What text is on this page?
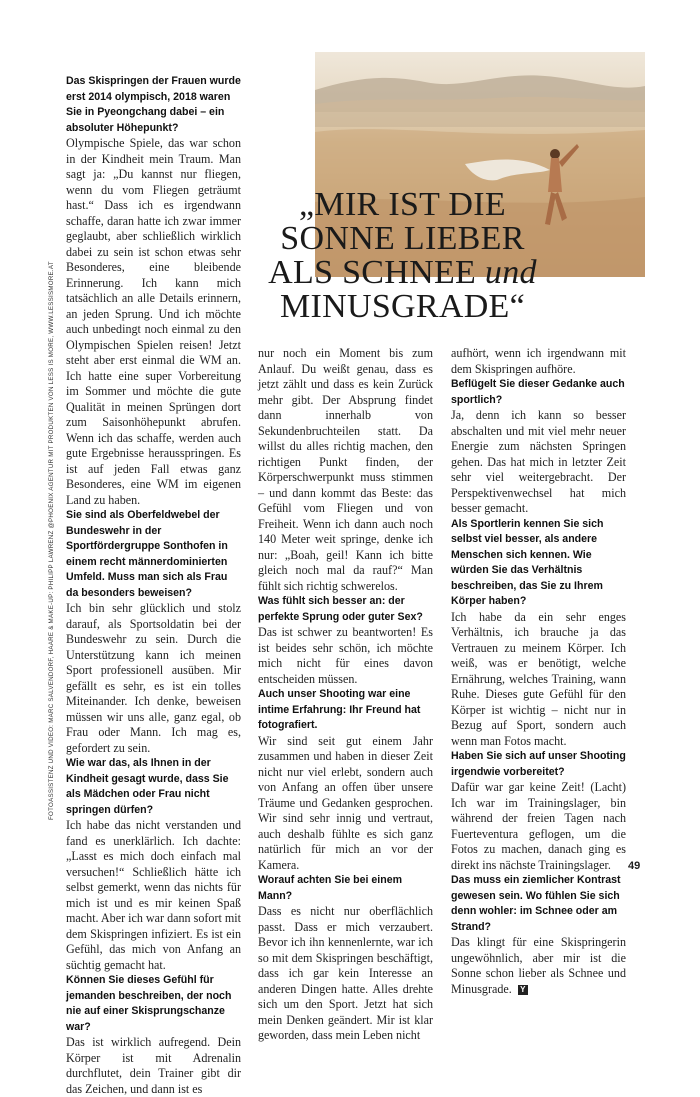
FOTOASSISTENZ UND VIDEO: MARC SALVENDORF, HAARE & MAKE-UP: PHILIPP LAWRENZ @PHOENIX AGENTUR MIT PRODUKTEN VON LESS IS MORE, WWW.LESSISMORE.AT
„MIR IST DIE
SONNE LIEBER
ALS SCHNEE und
MINUSGRADE“

Das Skispringen der Frauen wurde erst 2014 olympisch, 2018 waren Sie in Pyeongchang dabei – ein absoluter Höhepunkt?

Olympische Spiele, das war schon in der Kindheit mein Traum. Man sagt ja: „Du kannst nur fliegen, wenn du vom Fliegen geträumt hast.“ Dass ich es irgendwann schaffe, daran hatte ich zwar immer geglaubt, aber schließlich wirklich dabei zu sein ist schon etwas sehr Besonderes, eine bleibende Erinnerung. Ich kann mich tatsächlich an alle Details erinnern, an jeden Sprung. Und ich möchte auch unbedingt noch einmal zu den Olympischen Spielen reisen! Jetzt steht aber erst einmal die WM an. Ich hatte eine super Vorbereitung im Sommer und möchte die gute Qualität in meinen Sprüngen dort zum Saisonhöhepunkt abrufen. Wenn ich das schaffe, werden auch gute Ergebnisse herausspringen. Es ist auf jeden Fall etwas ganz Besonderes, eine WM im eigenen Land zu haben.

Sie sind als Oberfeldwebel der Bundeswehr in der Sportfördergruppe Sonthofen in einem recht männerdominierten Umfeld. Muss man sich als Frau da besonders beweisen?

Ich bin sehr glücklich und stolz darauf, als Sportsoldatin bei der Bundeswehr zu sein. Durch die Unterstützung kann ich meinen Sport professionell ausüben. Mir gefällt es sehr, es ist ein tolles Miteinander. Ich denke, beweisen müssen wir uns alle, ganz egal, ob Frau oder Mann. Ich mag es, gefordert zu sein.

Wie war das, als Ihnen in der Kindheit gesagt wurde, dass Sie als Mädchen oder Frau nicht springen dürfen?

Ich habe das nicht verstanden und fand es unerklärlich. Ich dachte: „Lasst es mich doch einfach mal versuchen!“ Schließlich hätte ich selbst gemerkt, wenn das nichts für mich ist und es mir keinen Spaß macht. Aber ich war dann sofort mit dem Skispringen infiziert. Es ist ein Gefühl, das mich von Anfang an süchtig gemacht hat.

Können Sie dieses Gefühl für jemanden beschreiben, der noch nie auf einer Skisprungschanze war?

Das ist wirklich aufregend. Dein Körper ist mit Adrenalin durchflutet, dein Trainer gibt dir das Zeichen, und dann ist es

nur noch ein Moment bis zum Anlauf. Du weißt genau, dass es jetzt zählt und dass es kein Zurück mehr gibt. Der Absprung findet dann innerhalb von Sekundenbruchteilen statt. Da willst du alles richtig machen, den richtigen Punkt finden, der Körperschwerpunkt muss stimmen – und dann kommt das Beste: das Gefühl vom Fliegen und von Freiheit. Wenn ich dann auch noch 140 Meter weit springe, denke ich nur: „Boah, geil! Kann ich bitte gleich noch mal da rauf?“ Man fühlt sich richtig schwerelos.

Was fühlt sich besser an: der perfekte Sprung oder guter Sex?

Das ist schwer zu beantworten! Es ist beides sehr schön, ich möchte mich nicht für eines davon entscheiden müssen.

Auch unser Shooting war eine intime Erfahrung: Ihr Freund hat fotografiert.

Wir sind seit gut einem Jahr zusammen und haben in dieser Zeit nicht nur viel erlebt, sondern auch von Anfang an offen über unsere Träume und Gedanken gesprochen. Wir sind sehr innig und vertraut, auch deshalb fühlte es sich ganz natürlich für mich an vor der Kamera.

Worauf achten Sie bei einem Mann?

Dass es nicht nur oberflächlich passt. Dass er mich verzaubert. Bevor ich ihn kennenlernte, war ich so mit dem Skispringen beschäftigt, dass ich gar kein Interesse an anderen Dingen hatte. Alles drehte sich um den Sport. Jetzt hat sich mein Denken geändert. Mir ist klar geworden, dass mein Leben nicht

aufhört, wenn ich irgendwann mit dem Skispringen aufhöre.

Beflügelt Sie dieser Gedanke auch sportlich?

Ja, denn ich kann so besser abschalten und mit viel mehr neuer Energie zum nächsten Springen gehen. Das hat mich in letzter Zeit sehr viel weitergebracht. Der Perspektivenwechsel hat mich besser gemacht.

Als Sportlerin kennen Sie sich selbst viel besser, als andere Menschen sich kennen. Wie würden Sie das Verhältnis beschreiben, das Sie zu Ihrem Körper haben?

Ich habe da ein sehr enges Verhältnis, ich brauche ja das Vertrauen zu meinem Körper. Ich weiß, was er benötigt, welche Ernährung, welches Training, wann Ruhe. Dieses gute Gefühl für den Körper ist wichtig – nicht nur in Bezug auf Sport, sondern auch wenn man Fotos macht.

Haben Sie sich auf unser Shooting irgendwie vorbereitet?

Dafür war gar keine Zeit! (Lacht) Ich war im Trainingslager, bin während der freien Tagen nach Fuerteventura geflogen, um die Fotos zu machen, danach ging es direkt ins nächste Trainingslager.

Das muss ein ziemlicher Kontrast gewesen sein. Wo fühlen Sie sich denn wohler: im Schnee oder am Strand?

Das klingt für eine Skispringerin ungewöhnlich, aber mir ist die Sonne schon lieber als Schnee und Minusgrade. Y

49
